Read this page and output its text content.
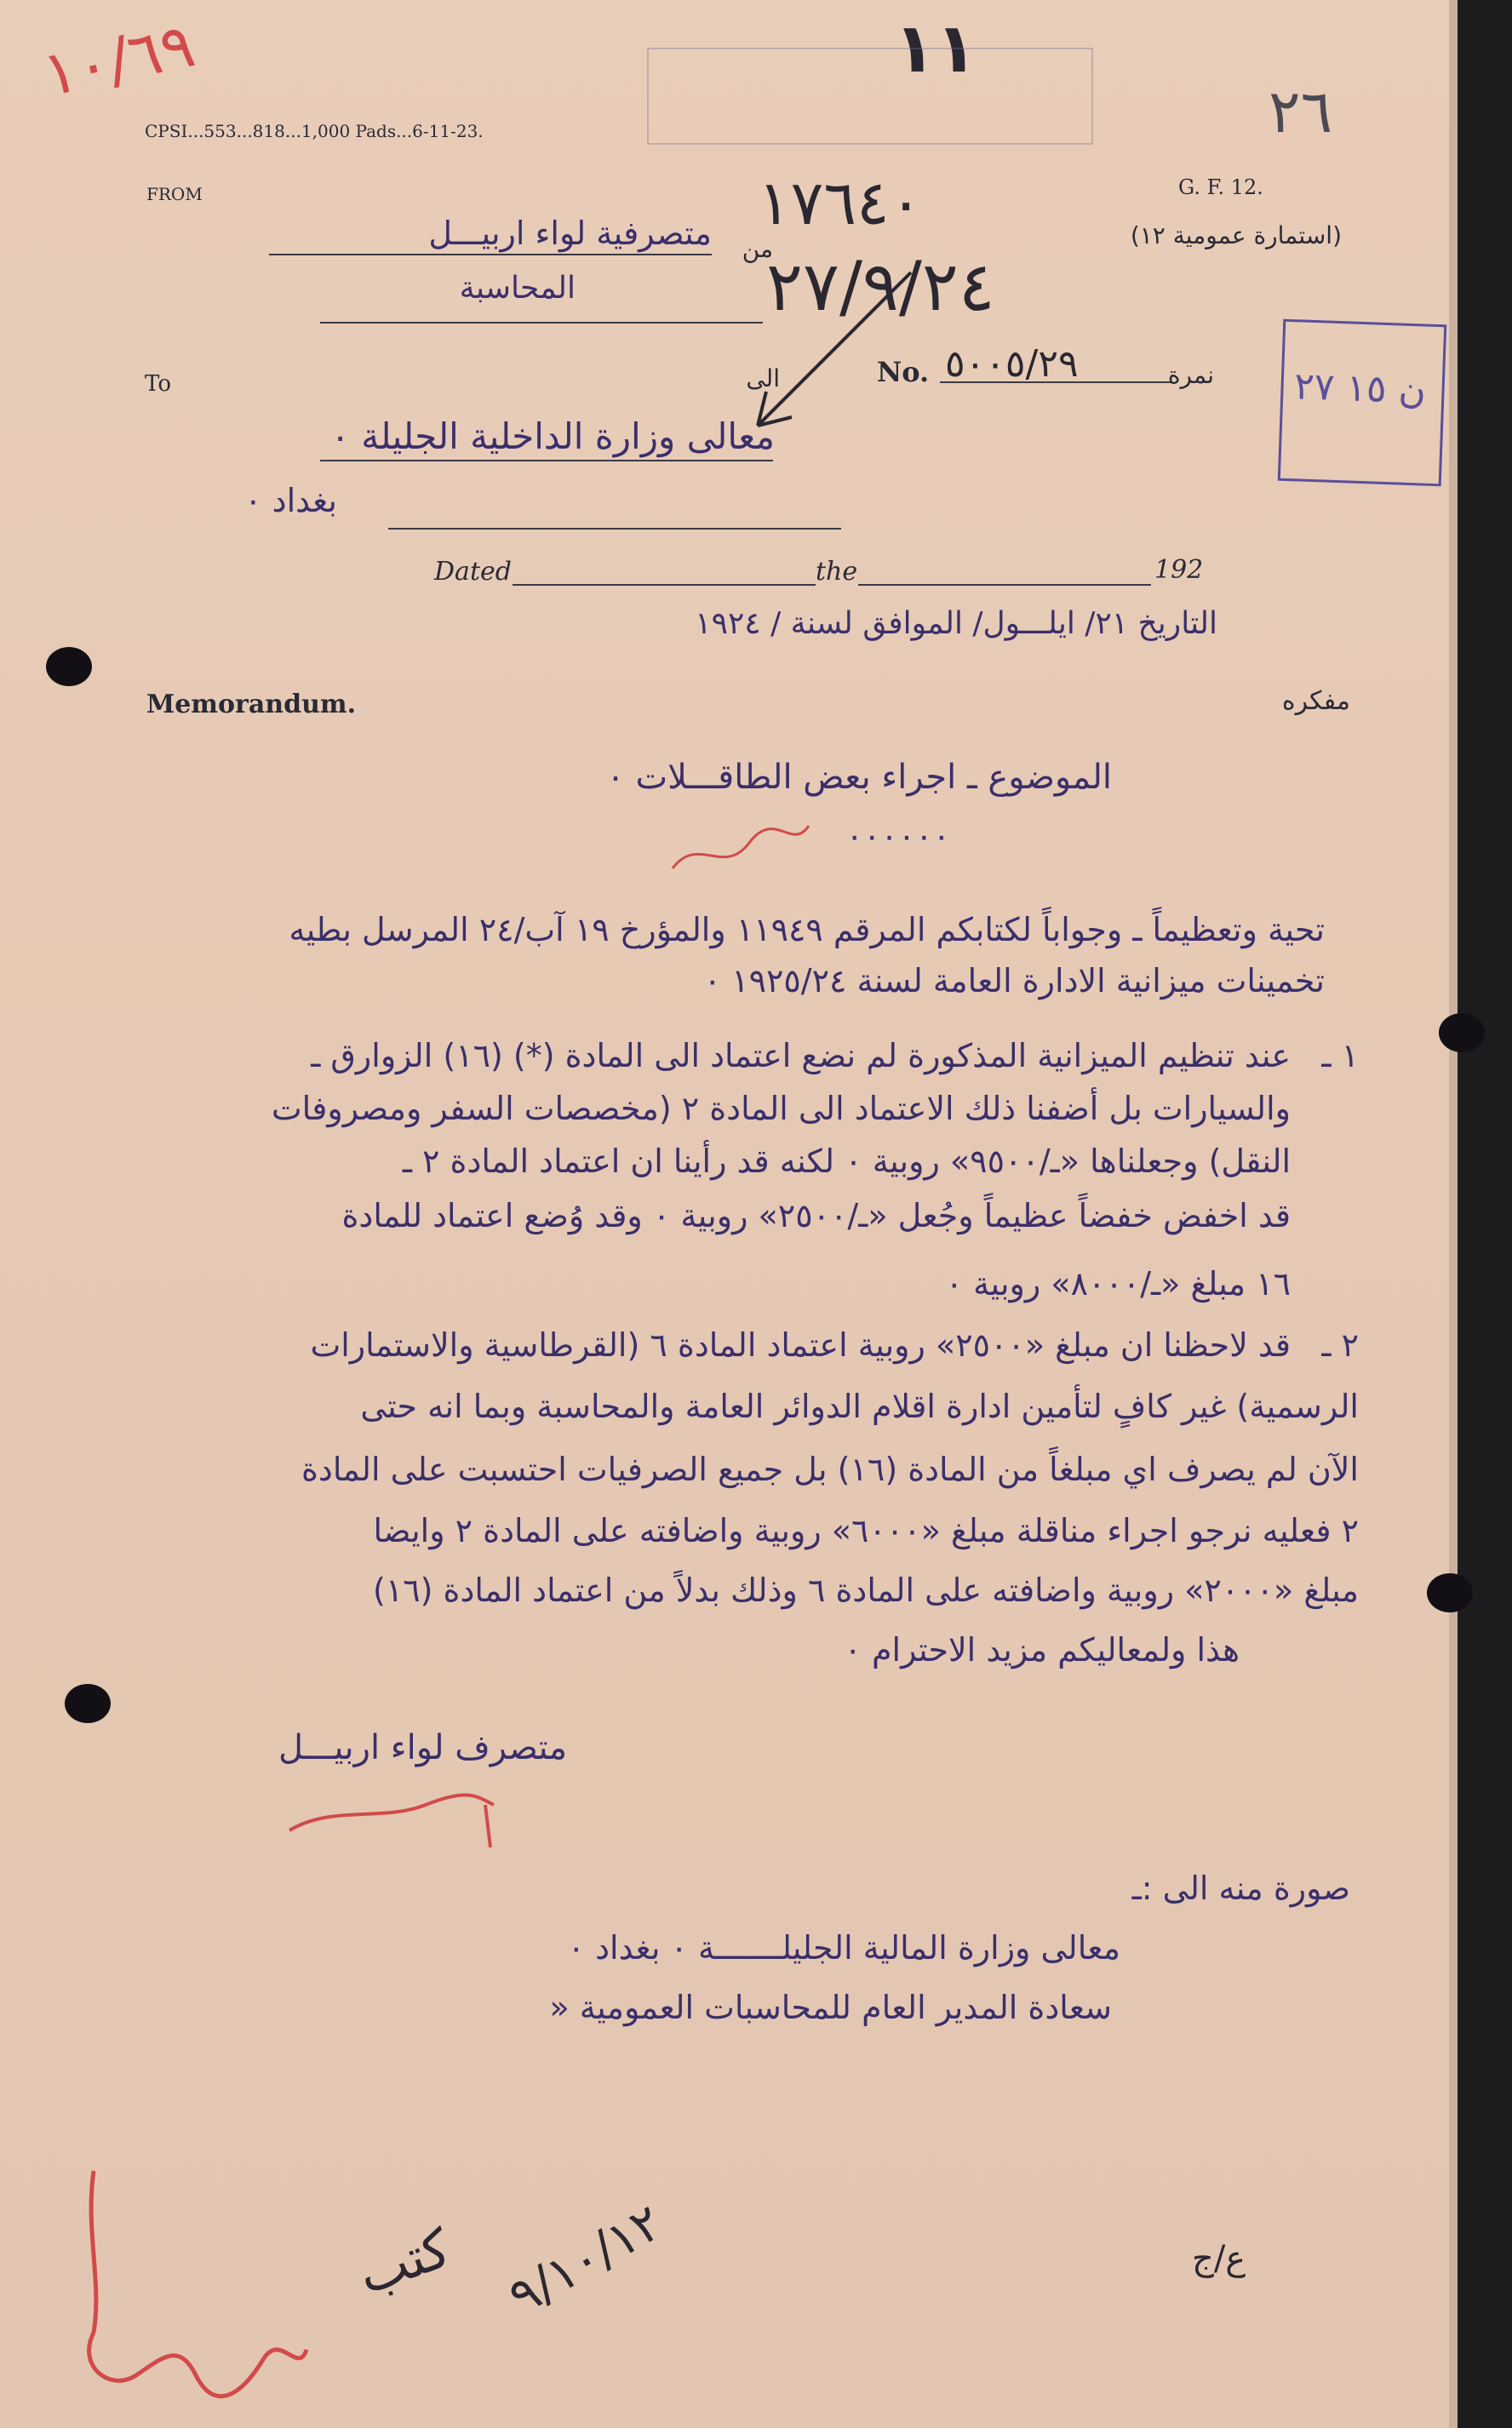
١٠/٦٩
CPSI...553...818...1,000 Pads...6-11-23.
١١
٢٦
FROM	G. F. 12.
(استمارة عمومية ١٢)
من
متصرفية لواء اربيـــل
المحاسبة
١٧٦٤٠
٢٧/٩/٢٤
ن ١٥ ٢٧
To	الى	No. ٥٠٠٥/٢٩	نمرة
معالى وزارة الداخلية الجليلة ٠
بغداد ٠
Dated	the	192
التاريخ ٢١/ ايلـــول/ الموافق لسنة / ١٩٢٤
Memorandum.	مفكره
الموضوع ـ اجراء بعض الطاقـــلات ٠
٠٠٠٠٠٠
تحية وتعظيماً ـ وجواباً لكتابكم المرقم ١١٩٤٩ والمؤرخ ١٩ آب/٢٤ المرسل بطيه
تخمينات ميزانية الادارة العامة لسنة ١٩٢٥/٢٤ ٠
١ ـ
عند تنظيم الميزانية المذكورة لم نضع اعتماد الى المادة (*) (١٦) الزوارق ـ
والسيارات بل أضفنا ذلك الاعتماد الى المادة ٢ (مخصصات السفر ومصروفات
النقل) وجعلناها «ـ/٩٥٠٠» روبية ٠ لكنه قد رأينا ان اعتماد المادة ٢ ـ
قد اخفض خفضاً عظيماً وجُعل «ـ/٢٥٠٠» روبية ٠ وقد وُضع اعتماد للمادة
١٦ مبلغ «ـ/٨٠٠٠» روبية ٠
٢ ـ
قد لاحظنا ان مبلغ «٢٥٠٠» روبية اعتماد المادة ٦ (القرطاسية والاستمارات
الرسمية) غير كافٍ لتأمين ادارة اقلام الدوائر العامة والمحاسبة وبما انه حتى
الآن لم يصرف اي مبلغاً من المادة (١٦) بل جميع الصرفيات احتسبت على المادة
٢ فعليه نرجو اجراء مناقلة مبلغ «٦٠٠٠» روبية واضافته على المادة ٢ وايضا
مبلغ «٢٠٠٠» روبية واضافته على المادة ٦ وذلك بدلاً من اعتماد المادة (١٦)
هذا ولمعاليكم مزيد الاحترام ٠
متصرف لواء اربيـــل
صورة منه الى :ـ
معالى وزارة المالية الجليلـــــــة ٠ بغداد ٠
سعادة المدير العام للمحاسبات العمومية «
٩/١٠/١٢
كتب	ع/ج
